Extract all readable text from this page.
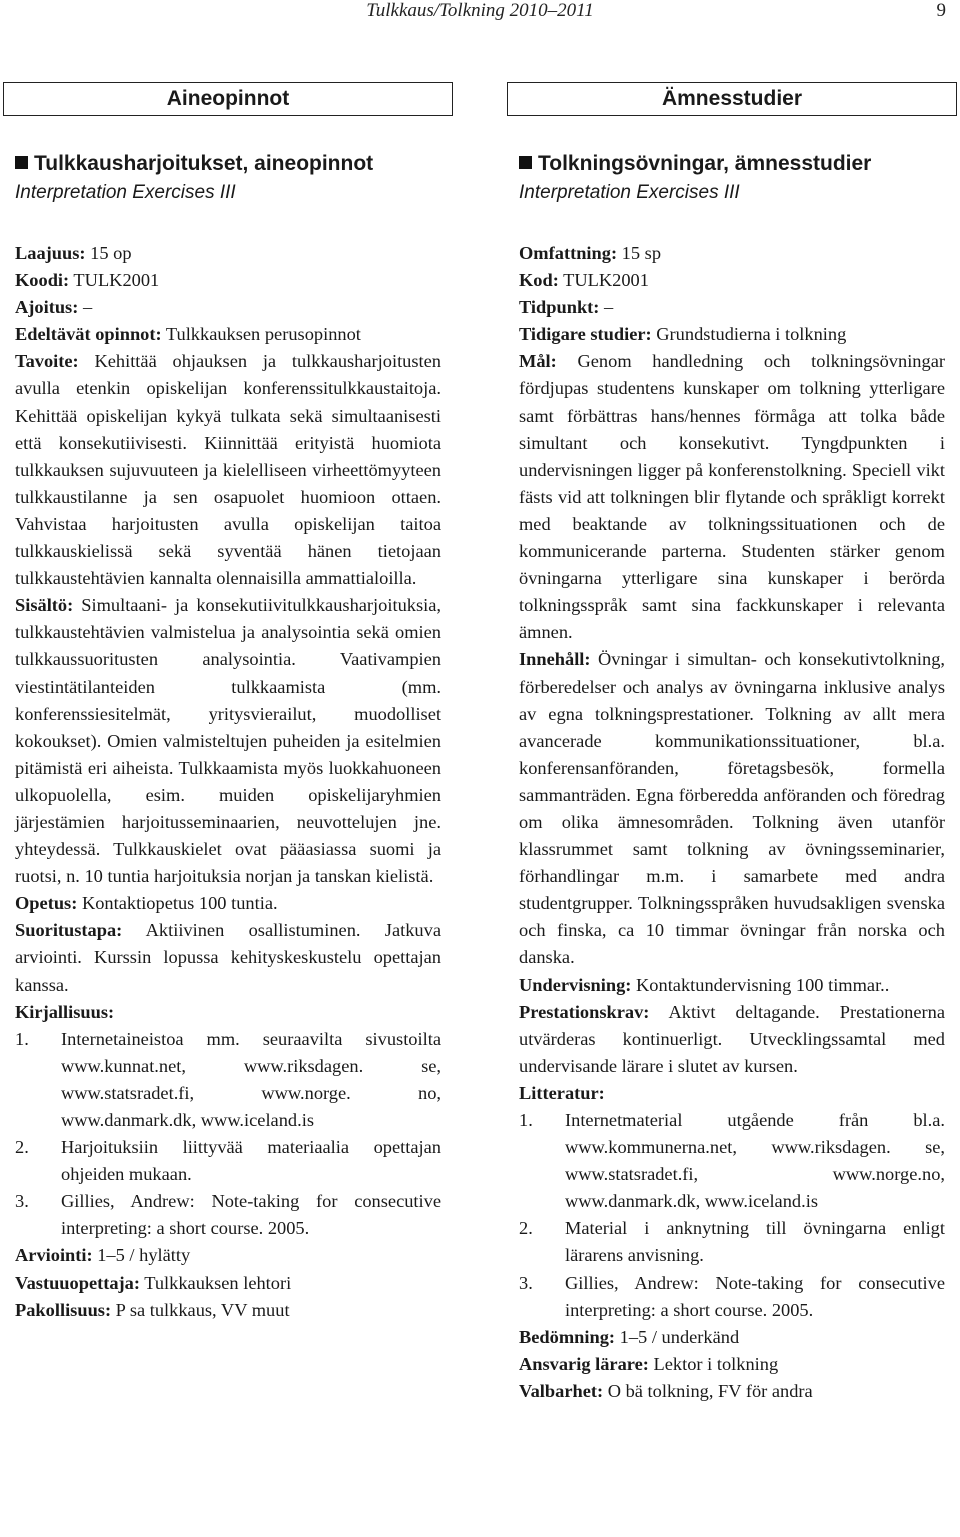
Tulkkaus/Tolkning 2010–2011	9
Aineopinnot
Tulkkausharjoitukset, aineopinnot
Interpretation Exercises III

Laajuus: 15 op

Koodi: TULK2001

Ajoitus: –

Edeltävät opinnot: Tulkkauksen perusopinnot

Tavoite: Kehittää ohjauksen ja tulkkausharjoitusten avulla etenkin opiskelijan konferenssitulkkaustaitoja. Kehittää opiskelijan kykyä tulkata sekä simultaanisesti että konsekutiivisesti. Kiinnittää erityistä huomiota tulkkauksen sujuvuuteen ja kielelliseen virheettömyyteen tulkkaustilanne ja sen osapuolet huomioon ottaen. Vahvistaa harjoitusten avulla opiskelijan taitoa tulkkauskielissä sekä syventää hänen tietojaan tulkkaustehtävien kannalta olennaisilla ammattialoilla.

Sisältö: Simultaani- ja konsekutiivitulkkausharjoituksia, tulkkaustehtävien valmistelua ja analysointia sekä omien tulkkaussuoritusten analysointia. Vaativampien viestintätilanteiden tulkkaamista (mm. konferenssiesitelmät, yritysvierailut, muodolliset kokoukset). Omien valmisteltujen puheiden ja esitelmien pitämistä eri aiheista. Tulkkaamista myös luokkahuoneen ulkopuolella, esim. muiden opiskelijaryhmien järjestämien harjoitusseminaarien, neuvottelujen jne. yhteydessä. Tulkkauskielet ovat pääasiassa suomi ja ruotsi, n. 10 tuntia harjoituksia norjan ja tanskan kielistä.

Opetus: Kontaktiopetus 100 tuntia.

Suoritustapa: Aktiivinen osallistuminen. Jatkuva arviointi. Kurssin lopussa kehityskeskustelu opettajan kanssa.

Kirjallisuus:

1. Internetaineistoa mm. seuraavilta sivustoilta www.kunnat.net, www.riksdagen. se, www.statsradet.fi, www.norge. no, www.danmark.dk, www.iceland.is
2. Harjoituksiin liittyvää materiaalia opettajan ohjeiden mukaan.
3. Gillies, Andrew: Note-taking for consecutive interpreting: a short course. 2005.

Arviointi: 1–5 / hylätty

Vastuuopettaja: Tulkkauksen lehtori

Pakollisuus: P sa tulkkaus, VV muut

Ämnesstudier
Tolkningsövningar, ämnesstudier
Interpretation Exercises III

Omfattning: 15 sp

Kod: TULK2001

Tidpunkt: –

Tidigare studier: Grundstudierna i tolkning

Mål: Genom handledning och tolkningsövningar fördjupas studentens kunskaper om tolkning ytterligare samt förbättras hans/hennes förmåga att tolka både simultant och konsekutivt. Tyngdpunkten i undervisningen ligger på konferenstolkning. Speciell vikt fästs vid att tolkningen blir flytande och språkligt korrekt med beaktande av tolkningssituationen och de kommunicerande parterna. Studenten stärker genom övningarna ytterligare sina kunskaper i berörda tolkningsspråk samt sina fackkunskaper i relevanta ämnen.

Innehåll: Övningar i simultan- och konsekutivtolkning, förberedelser och analys av övningarna inklusive analys av egna tolkningsprestationer. Tolkning av allt mera avancerade kommunikationssituationer, bl.a. konferensanföranden, företagsbesök, formella sammanträden. Egna förberedda anföranden och föredrag om olika ämnesområden. Tolkning även utanför klassrummet samt tolkning av övningsseminarier, förhandlingar m.m. i samarbete med andra studentgrupper. Tolkningsspråken huvudsakligen svenska och finska, ca 10 timmar övningar från norska och danska.

Undervisning: Kontaktundervisning 100 timmar..

Prestationskrav: Aktivt deltagande. Prestationerna utvärderas kontinuerligt. Utvecklingssamtal med undervisande lärare i slutet av kursen.

Litteratur:

1. Internetmaterial utgående från bl.a. www.kommunerna.net, www.riksdagen. se, www.statsradet.fi, www.norge.no, www.danmark.dk, www.iceland.is
2. Material i anknytning till övningarna enligt lärarens anvisning.
3. Gillies, Andrew: Note-taking for consecutive interpreting: a short course. 2005.

Bedömning: 1–5 / underkänd

Ansvarig lärare: Lektor i tolkning

Valbarhet: O bä tolkning, FV för andra
